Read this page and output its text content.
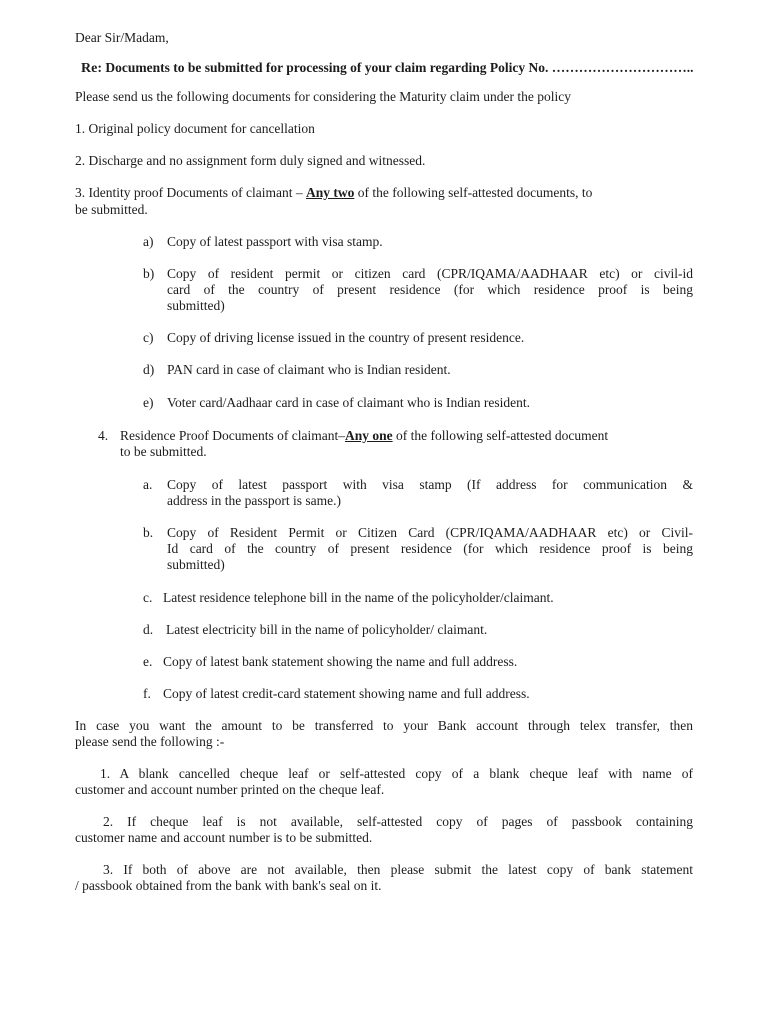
Dear Sir/Madam,
Re: Documents to be submitted for processing of your claim regarding Policy No. …………………………..
Please send us the following documents for considering the Maturity claim under the policy
1. Original policy document for cancellation
2. Discharge and no assignment form duly signed and witnessed.
3. Identity proof Documents of claimant – Any two of the following self-attested documents, to
be submitted.
a) Copy of latest passport with visa stamp.
b) Copy of resident permit or citizen card (CPR/IQAMA/AADHAAR etc) or civil-id
card of the country of present residence (for which residence proof is being
submitted)
c) Copy of driving license issued in the country of present residence.
d) PAN card in case of claimant who is Indian resident.
e) Voter card/Aadhaar card in case of claimant who is Indian resident.
4. Residence Proof Documents of claimant–Any one of the following self-attested document
to be submitted.
a. Copy of latest passport with visa stamp (If address for communication &
address in the passport is same.)
b. Copy of Resident Permit or Citizen Card (CPR/IQAMA/AADHAAR etc) or Civil-
Id card of the country of present residence (for which residence proof is being
submitted)
c. Latest residence telephone bill in the name of the policyholder/claimant.
d. Latest electricity bill in the name of policyholder/ claimant.
e. Copy of latest bank statement showing the name and full address.
f. Copy of latest credit-card statement showing name and full address.
In case you want the amount to be transferred to your Bank account through telex transfer, then
please send the following :-
1. A blank cancelled cheque leaf or self-attested copy of a blank cheque leaf with name of
customer and account number printed on the cheque leaf.
2. If cheque leaf is not available, self-attested copy of pages of passbook containing
customer name and account number is to be submitted.
3. If both of above are not available, then please submit the latest copy of bank statement
/ passbook obtained from the bank with bank's seal on it.
